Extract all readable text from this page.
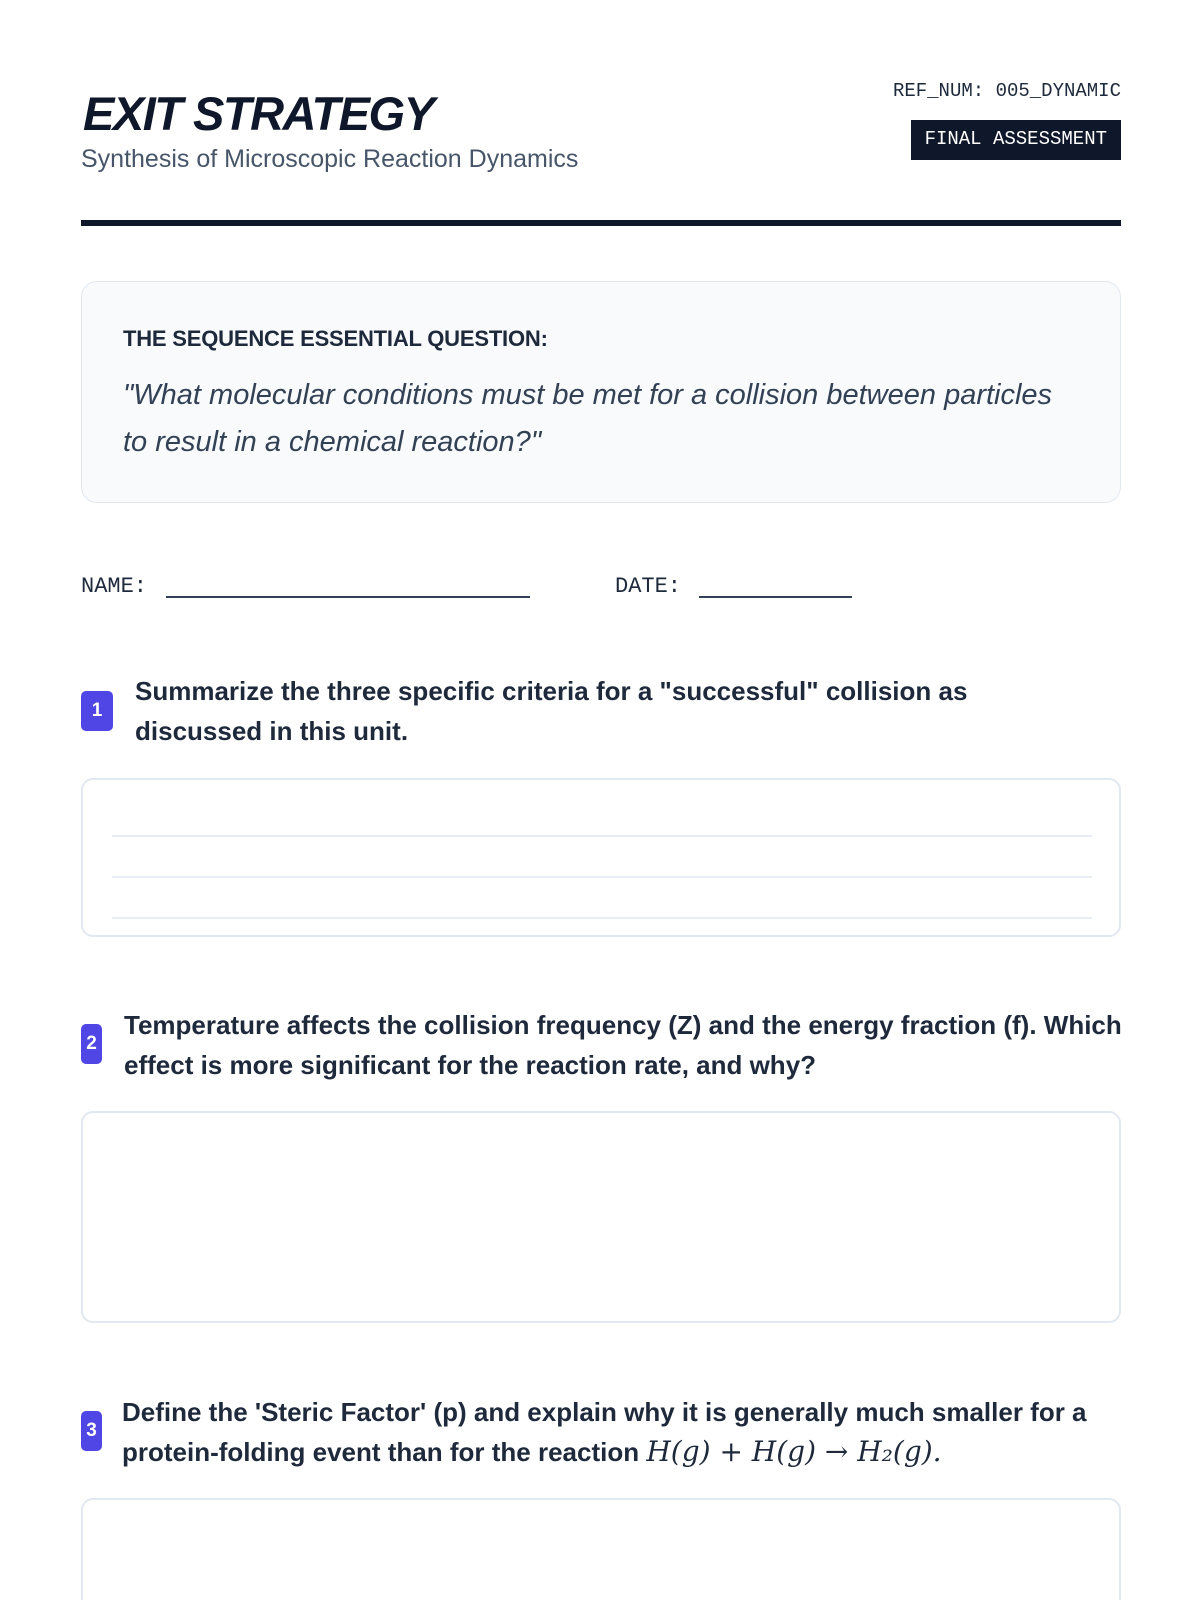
EXIT STRATEGY
Synthesis of Microscopic Reaction Dynamics
REF_NUM: 005_DYNAMIC
FINAL ASSESSMENT
THE SEQUENCE ESSENTIAL QUESTION:
"What molecular conditions must be met for a collision between particles to result in a chemical reaction?"
NAME:	DATE:
1
Summarize the three specific criteria for a "successful" collision as discussed in this unit.
2
Temperature affects the collision frequency (Z) and the energy fraction (f). Which effect is more significant for the reaction rate, and why?
3
Define the 'Steric Factor' (p) and explain why it is generally much smaller for a protein-folding event than for the reaction H(g) + H(g) → H₂(g).
